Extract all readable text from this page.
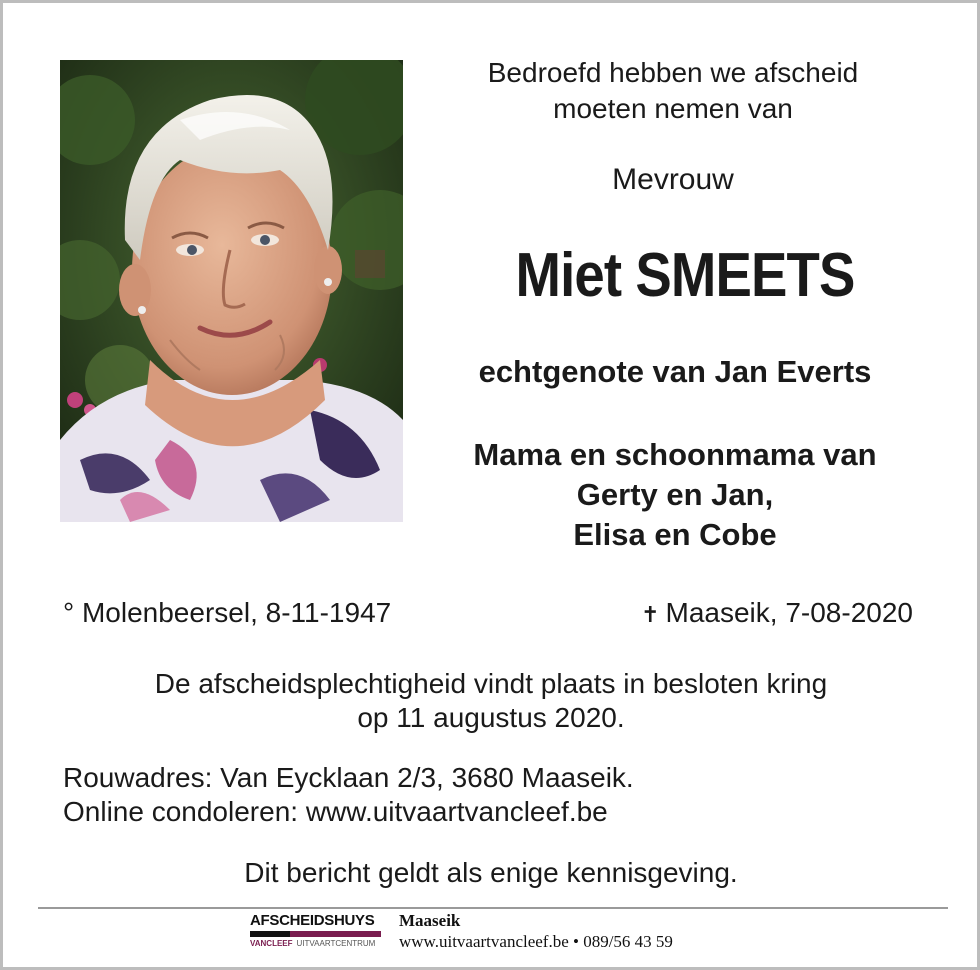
Bedroefd hebben we afscheid
moeten nemen van
Mevrouw
Miet SMEETS
echtgenote van Jan Everts
Mama en schoonmama van
Gerty en Jan,
Elisa en Cobe
° Molenbeersel, 8-11-1947	✝ Maaseik, 7-08-2020
De afscheidsplechtigheid vindt plaats in besloten kring
op 11 augustus 2020.
Rouwadres: Van Eycklaan 2/3, 3680 Maaseik.
Online condoleren: www.uitvaartvancleef.be
Dit bericht geldt als enige kennisgeving.
AFSCHEIDSHUYS
VANCLEEF UITVAARTCENTRUM
Maaseik
www.uitvaartvancleef.be • 089/56 43 59
